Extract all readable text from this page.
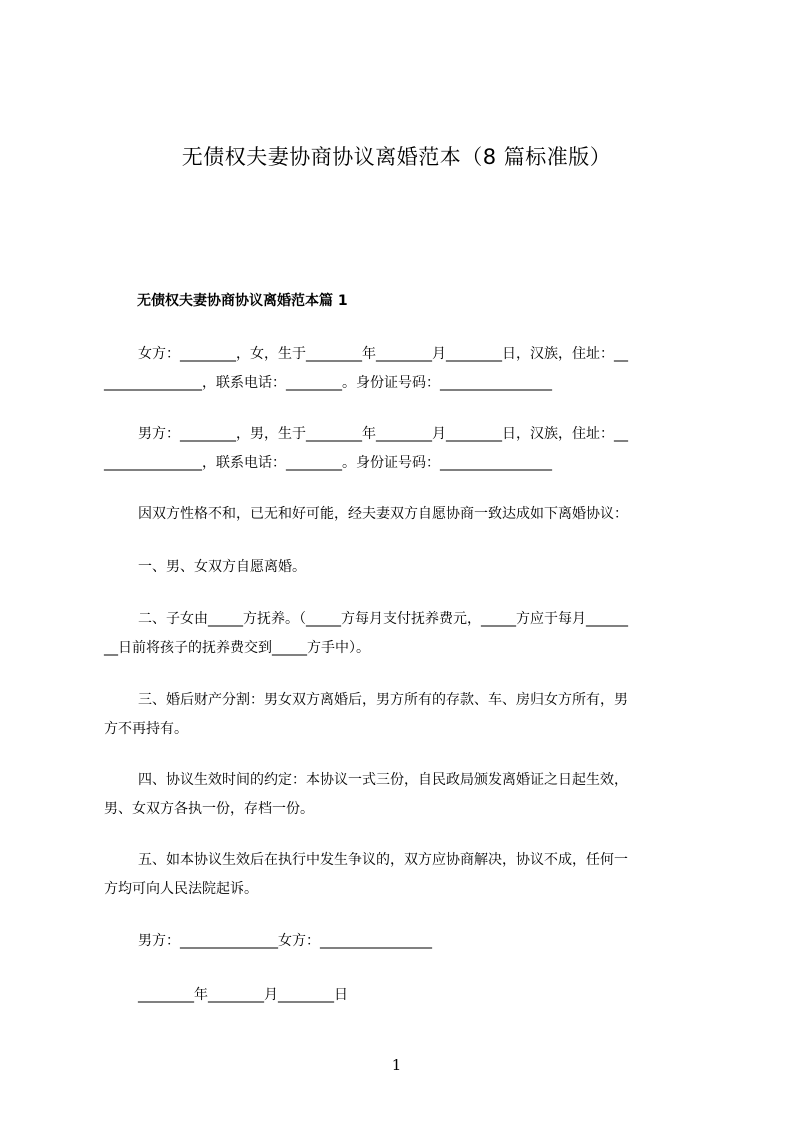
无债权夫妻协商协议离婚范本（8 篇标准版）
无债权夫妻协商协议离婚范本篇 1
女方：________，女，生于________年________月________日，汉族，住址：__
______________，联系电话：________。身份证号码：________________
男方：________，男，生于________年________月________日，汉族，住址：__
______________，联系电话：________。身份证号码：________________
因双方性格不和，已无和好可能，经夫妻双方自愿协商一致达成如下离婚协议：
一、男、女双方自愿离婚。
二、子女由_____方抚养。（_____方每月支付抚养费元，_____方应于每月______
__日前将孩子的抚养费交到_____方手中）。
三、婚后财产分割：男女双方离婚后，男方所有的存款、车、房归女方所有，男
方不再持有。
四、协议生效时间的约定：本协议一式三份，自民政局颁发离婚证之日起生效，
男、女双方各执一份，存档一份。
五、如本协议生效后在执行中发生争议的，双方应协商解决，协议不成，任何一
方均可向人民法院起诉。
男方：______________女方：________________
________年________月________日
1
